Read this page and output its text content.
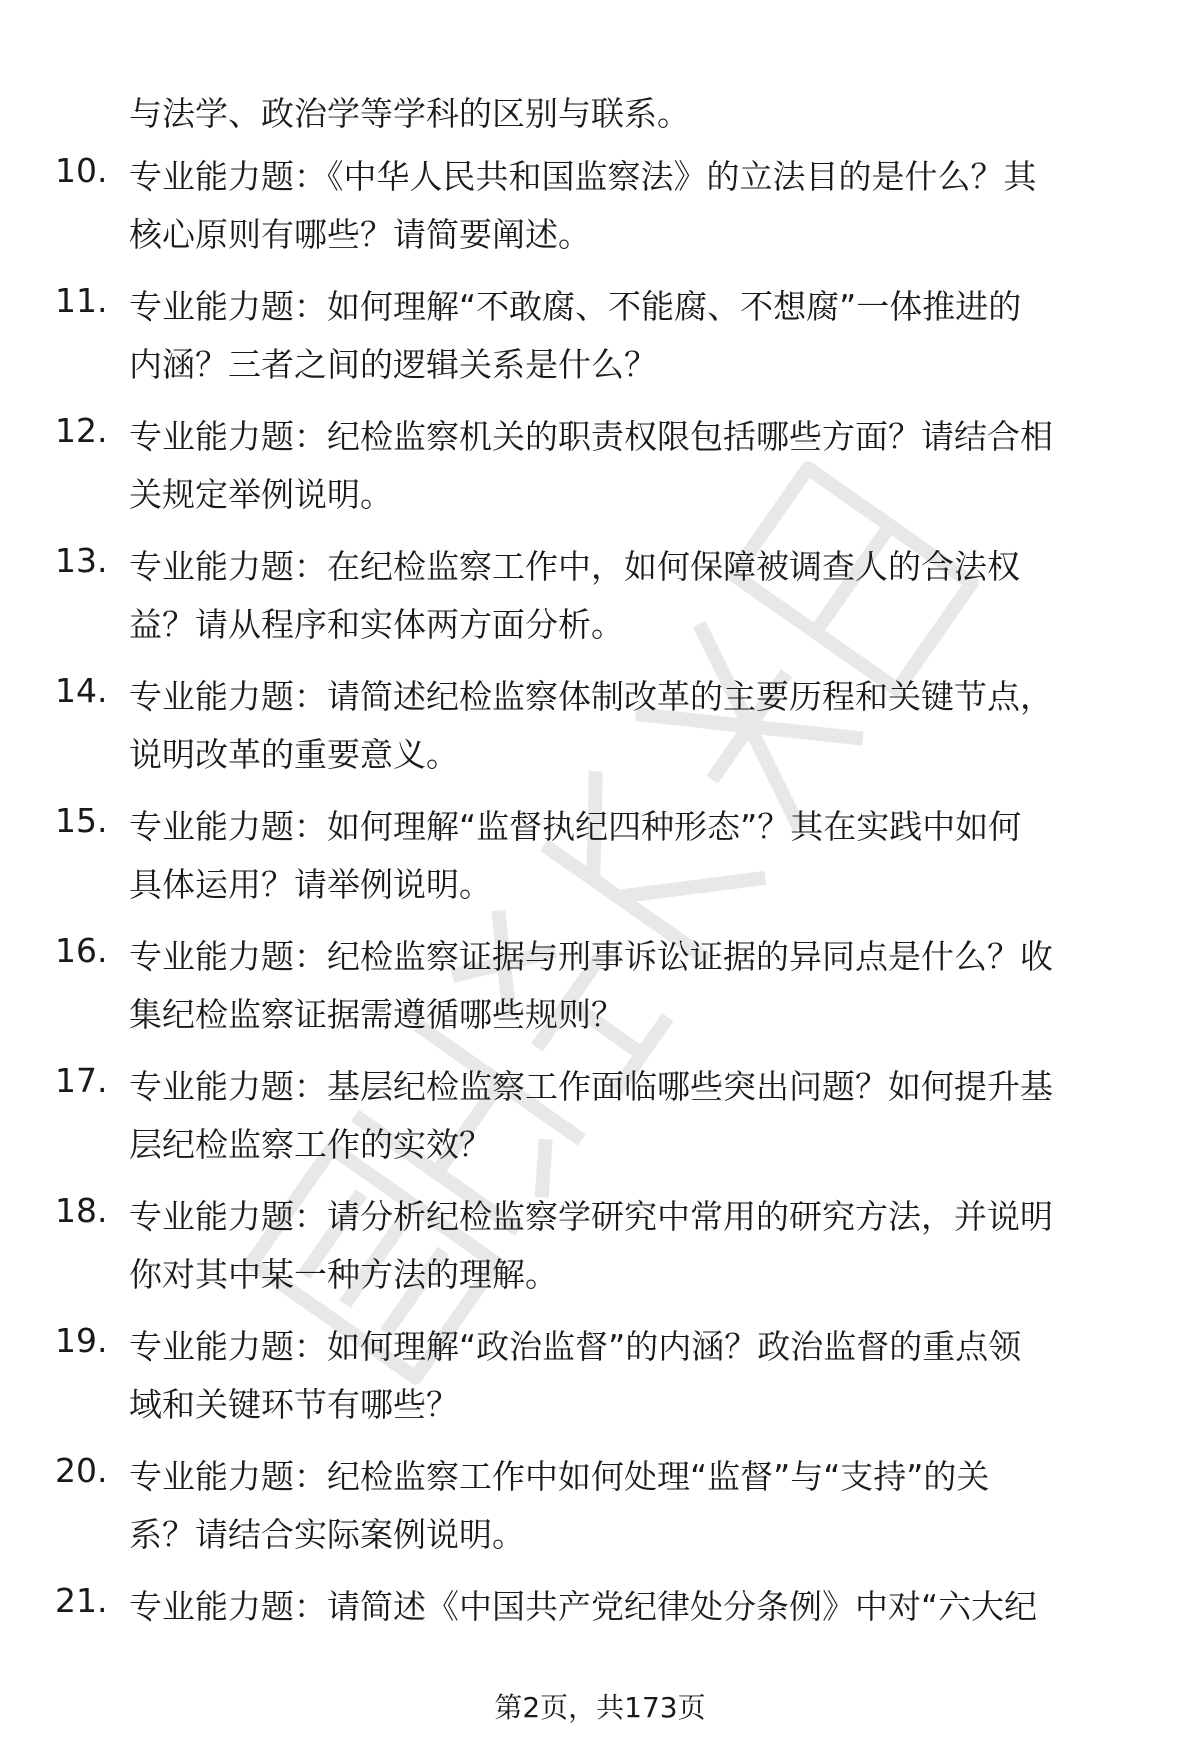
与法学、政治学等学科的区别与联系。

10. 专业能力题：《中华人民共和国监察法》的立法目的是什么？其
核心原则有哪些？请简要阐述。
11. 专业能力题：如何理解“不敢腐、不能腐、不想腐”一体推进的
内涵？三者之间的逻辑关系是什么？
12. 专业能力题：纪检监察机关的职责权限包括哪些方面？请结合相
关规定举例说明。
13. 专业能力题：在纪检监察工作中，如何保障被调查人的合法权
益？请从程序和实体两方面分析。
14. 专业能力题：请简述纪检监察体制改革的主要历程和关键节点，
说明改革的重要意义。
15. 专业能力题：如何理解“监督执纪四种形态”？其在实践中如何
具体运用？请举例说明。
16. 专业能力题：纪检监察证据与刑事诉讼证据的异同点是什么？收
集纪检监察证据需遵循哪些规则？
17. 专业能力题：基层纪检监察工作面临哪些突出问题？如何提升基
层纪检监察工作的实效？
18. 专业能力题：请分析纪检监察学研究中常用的研究方法，并说明
你对其中某一种方法的理解。
19. 专业能力题：如何理解“政治监督”的内涵？政治监督的重点领
域和关键环节有哪些？
20. 专业能力题：纪检监察工作中如何处理“监督”与“支持”的关
系？请结合实际案例说明。
21. 专业能力题：请简述《中国共产党纪律处分条例》中对“六大纪
第2页，共173页
